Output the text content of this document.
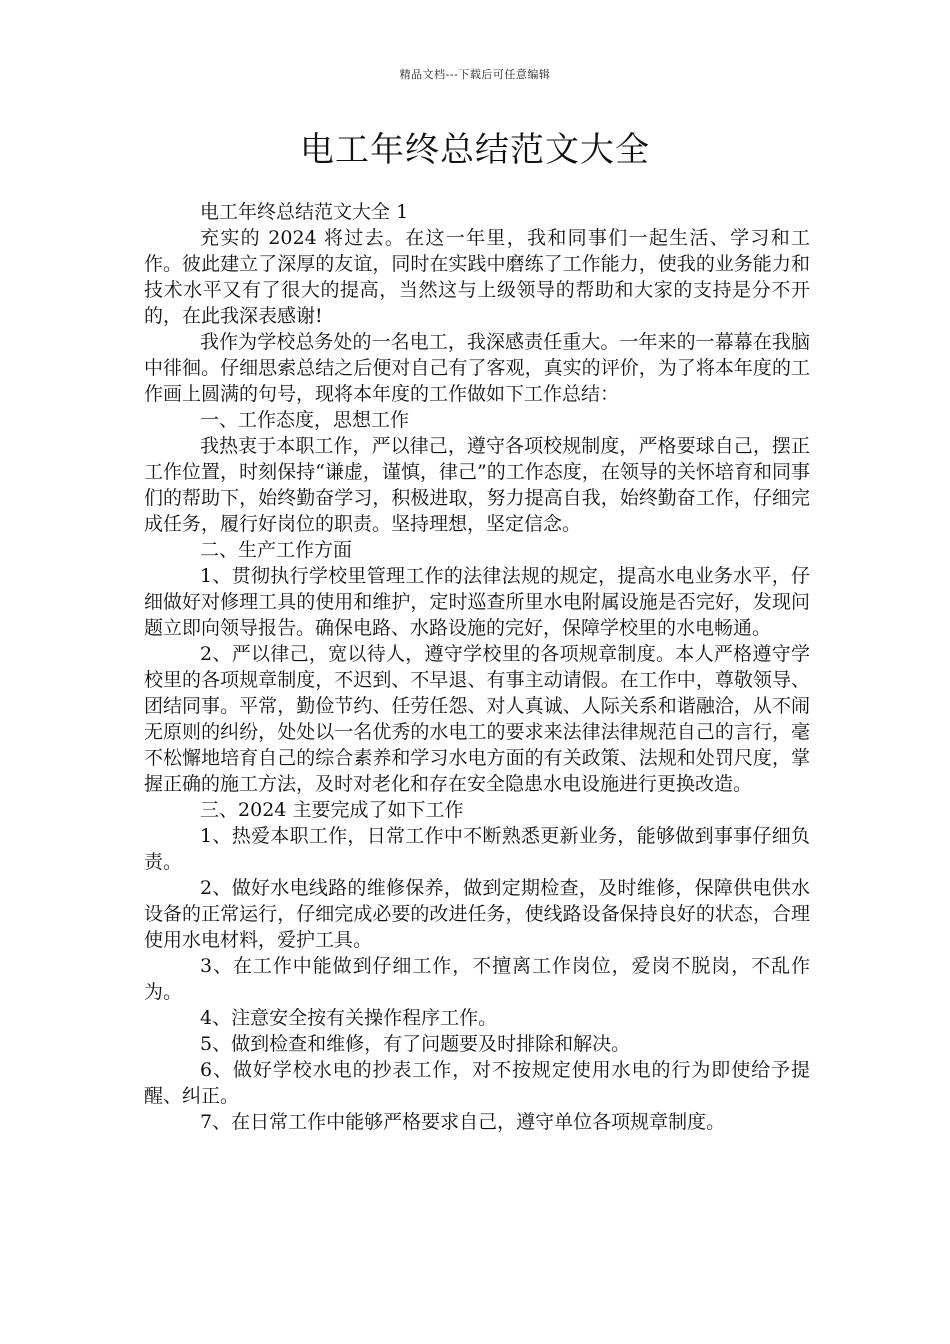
精品文档---下载后可任意编辑
电工年终总结范文大全

电工年终总结范文大全 1

充实的 2024 将过去。在这一年里，我和同事们一起生活、学习和工作。彼此建立了深厚的友谊，同时在实践中磨练了工作能力，使我的业务能力和技术水平又有了很大的提高，当然这与上级领导的帮助和大家的支持是分不开的，在此我深表感谢!

我作为学校总务处的一名电工，我深感责任重大。一年来的一幕幕在我脑中徘徊。仔细思索总结之后便对自己有了客观，真实的评价，为了将本年度的工作画上圆满的句号，现将本年度的工作做如下工作总结：

一、工作态度，思想工作

我热衷于本职工作，严以律己，遵守各项校规制度，严格要球自己，摆正工作位置，时刻保持“谦虚，谨慎，律己”的工作态度，在领导的关怀培育和同事们的帮助下，始终勤奋学习，积极进取，努力提高自我，始终勤奋工作，仔细完成任务，履行好岗位的职责。坚持理想，坚定信念。

二、生产工作方面

1、贯彻执行学校里管理工作的法律法规的规定，提高水电业务水平，仔细做好对修理工具的使用和维护，定时巡查所里水电附属设施是否完好，发现问题立即向领导报告。确保电路、水路设施的完好，保障学校里的水电畅通。

2、严以律己，宽以待人，遵守学校里的各项规章制度。本人严格遵守学校里的各项规章制度，不迟到、不早退、有事主动请假。在工作中，尊敬领导、团结同事。平常，勤俭节约、任劳任怨、对人真诚、人际关系和谐融洽，从不闹无原则的纠纷，处处以一名优秀的水电工的要求来法律法律规范自己的言行，毫不松懈地培育自己的综合素养和学习水电方面的有关政策、法规和处罚尺度，掌握正确的施工方法，及时对老化和存在安全隐患水电设施进行更换改造。

三、2024 主要完成了如下工作

1、热爱本职工作，日常工作中不断熟悉更新业务，能够做到事事仔细负责。

2、做好水电线路的维修保养，做到定期检查，及时维修，保障供电供水设备的正常运行，仔细完成必要的改进任务，使线路设备保持良好的状态，合理使用水电材料，爱护工具。

3、在工作中能做到仔细工作，不擅离工作岗位，爱岗不脱岗，不乱作为。

4、注意安全按有关操作程序工作。

5、做到检查和维修，有了问题要及时排除和解决。

6、做好学校水电的抄表工作，对不按规定使用水电的行为即使给予提醒、纠正。

7、在日常工作中能够严格要求自己，遵守单位各项规章制度。
